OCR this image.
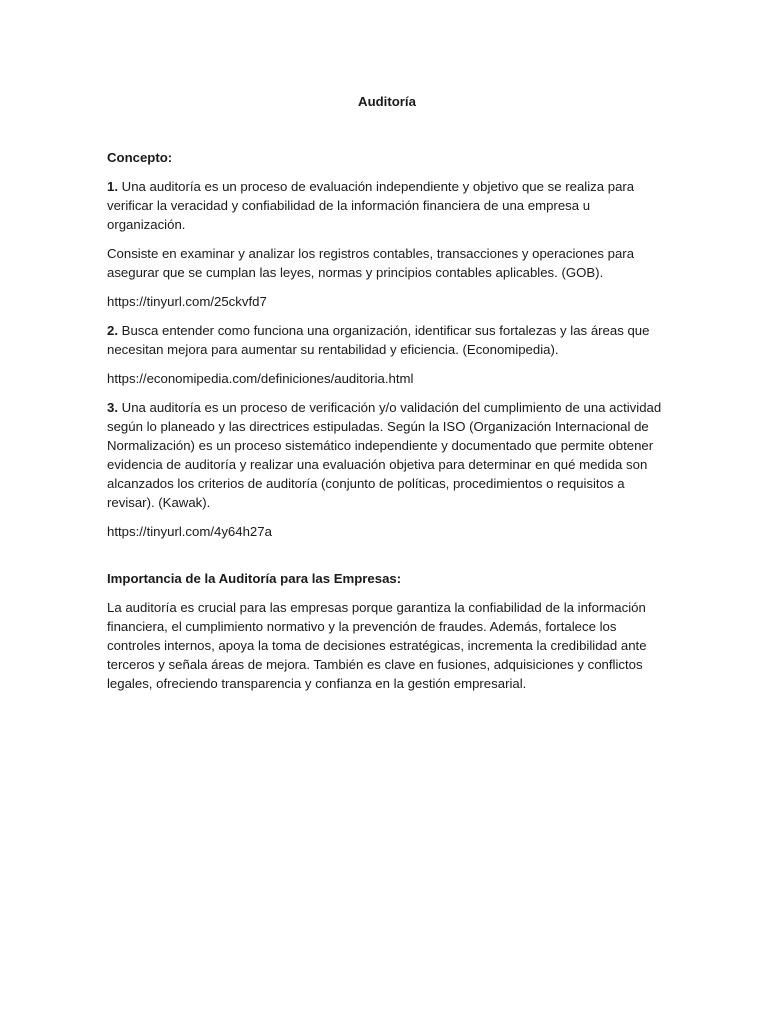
Auditoría
Concepto:

1. Una auditoría es un proceso de evaluación independiente y objetivo que se realiza para verificar la veracidad y confiabilidad de la información financiera de una empresa u organización.

Consiste en examinar y analizar los registros contables, transacciones y operaciones para asegurar que se cumplan las leyes, normas y principios contables aplicables. (GOB).

https://tinyurl.com/25ckvfd7

2. Busca entender como funciona una organización, identificar sus fortalezas y las áreas que necesitan mejora para aumentar su rentabilidad y eficiencia. (Economipedia).

https://economipedia.com/definiciones/auditoria.html

3. Una auditoría es un proceso de verificación y/o validación del cumplimiento de una actividad según lo planeado y las directrices estipuladas. Según la ISO (Organización Internacional de Normalización) es un proceso sistemático independiente y documentado que permite obtener evidencia de auditoría y realizar una evaluación objetiva para determinar en qué medida son alcanzados los criterios de auditoría (conjunto de políticas, procedimientos o requisitos a revisar). (Kawak).

https://tinyurl.com/4y64h27a

Importancia de la Auditoría para las Empresas:

La auditoría es crucial para las empresas porque garantiza la confiabilidad de la información financiera, el cumplimiento normativo y la prevención de fraudes. Además, fortalece los controles internos, apoya la toma de decisiones estratégicas, incrementa la credibilidad ante terceros y señala áreas de mejora. También es clave en fusiones, adquisiciones y conflictos legales, ofreciendo transparencia y confianza en la gestión empresarial.
